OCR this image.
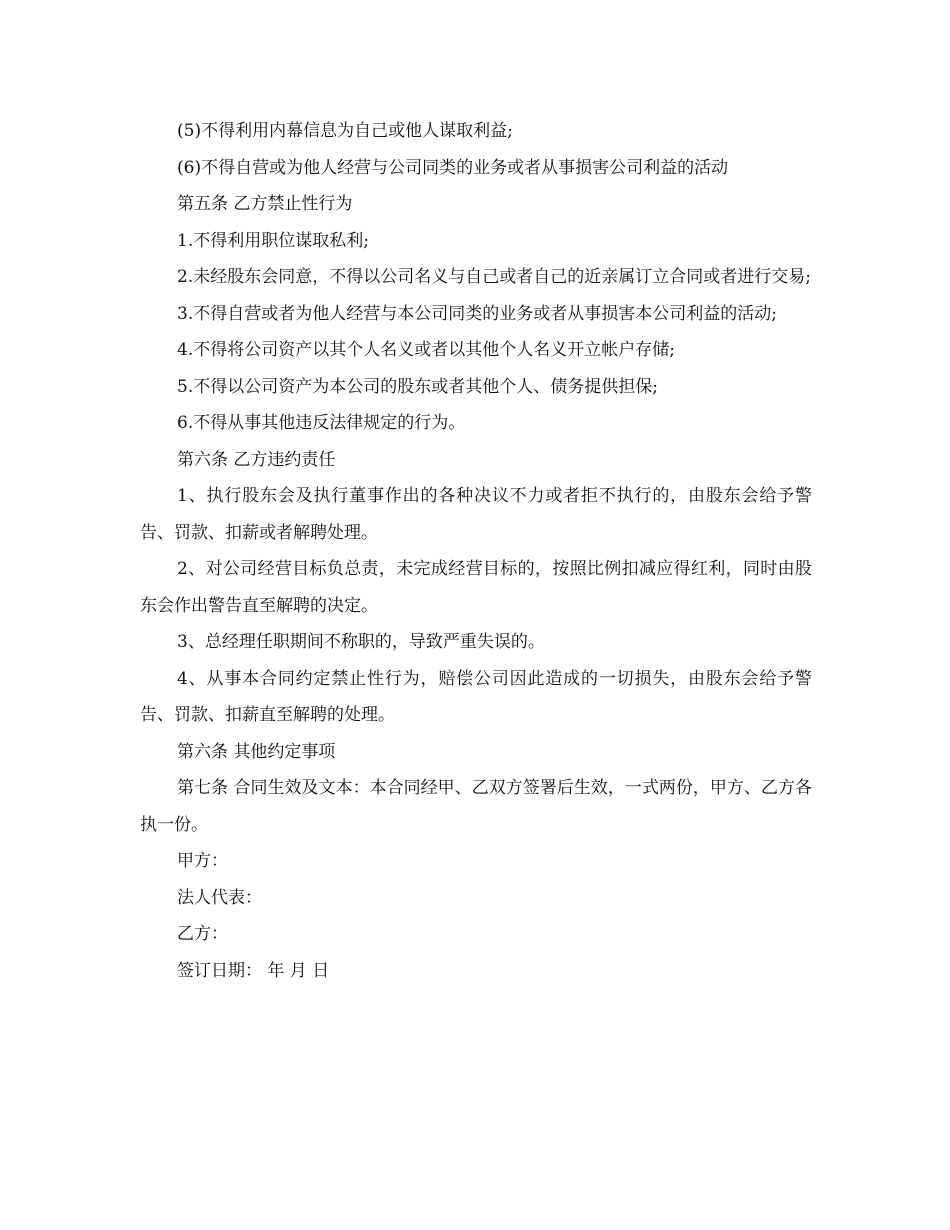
(5)不得利用内幕信息为自己或他人谋取利益;

(6)不得自营或为他人经营与公司同类的业务或者从事损害公司利益的活动

第五条 乙方禁止性行为

1.不得利用职位谋取私利;

2.未经股东会同意，不得以公司名义与自己或者自己的近亲属订立合同或者进行交易;

3.不得自营或者为他人经营与本公司同类的业务或者从事损害本公司利益的活动;

4.不得将公司资产以其个人名义或者以其他个人名义开立帐户存储;

5.不得以公司资产为本公司的股东或者其他个人、债务提供担保;

6.不得从事其他违反法律规定的行为。

第六条 乙方违约责任

1、执行股东会及执行董事作出的各种决议不力或者拒不执行的，由股东会给予警告、罚款、扣薪或者解聘处理。

2、对公司经营目标负总责，未完成经营目标的，按照比例扣减应得红利，同时由股东会作出警告直至解聘的决定。

3、总经理任职期间不称职的，导致严重失误的。

4、从事本合同约定禁止性行为，赔偿公司因此造成的一切损失，由股东会给予警告、罚款、扣薪直至解聘的处理。

第六条 其他约定事项

第七条 合同生效及文本：本合同经甲、乙双方签署后生效，一式两份，甲方、乙方各执一份。

甲方：

法人代表：

乙方：

签订日期： 年 月 日
